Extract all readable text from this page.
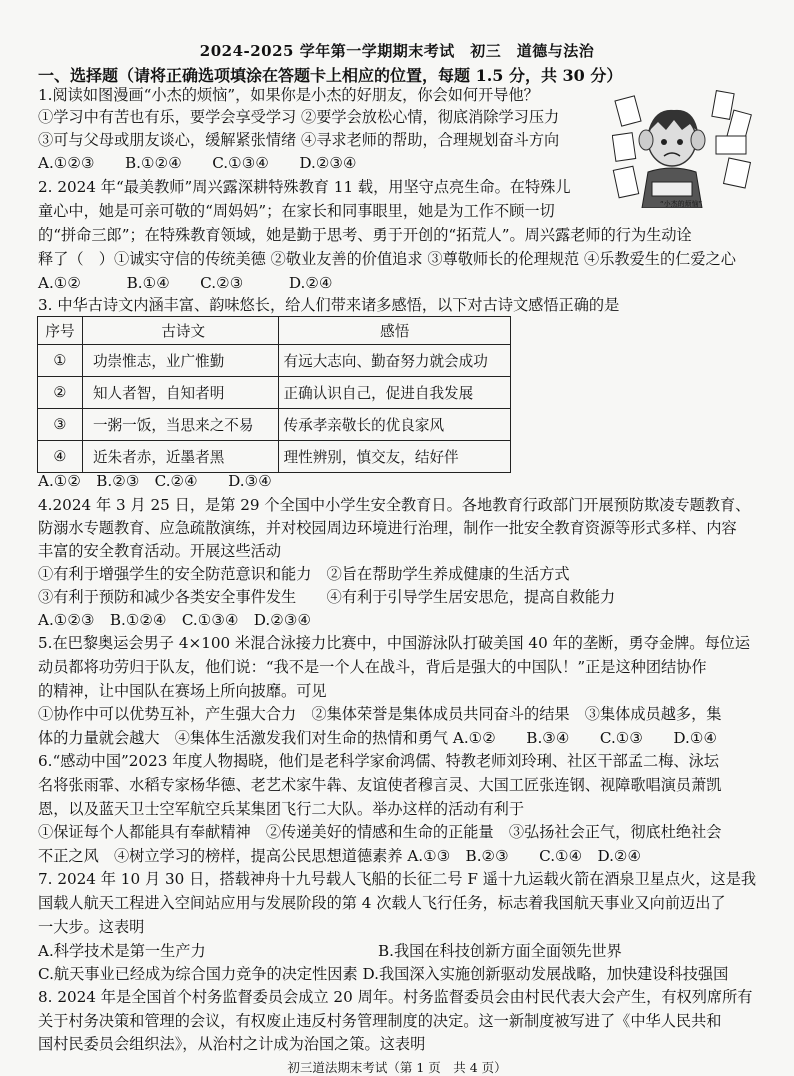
2024-2025 学年第一学期期末考试　初三　道德与法治
一、选择题（请将正确选项填涂在答题卡上相应的位置，每题 1.5 分，共 30 分）
1.阅读如图漫画“小杰的烦恼”，如果你是小杰的好朋友，你会如何开导他？
①学习中有苦也有乐，要学会享受学习 ②要学会放松心情，彻底消除学习压力
③可与父母或朋友谈心，缓解紧张情绪 ④寻求老师的帮助，合理规划奋斗方向
A.①②③　　B.①②④　　C.①③④　　D.②③④
“小杰的烦恼”
2. 2024 年“最美教师”周兴露深耕特殊教育 11 载，用坚守点亮生命。在特殊儿
童心中，她是可亲可敬的“周妈妈”；在家长和同事眼里，她是为工作不顾一切
的“拼命三郎”；在特殊教育领域，她是勤于思考、勇于开创的“拓荒人”。周兴露老师的行为生动诠
释了（　）①诚实守信的传统美德 ②敬业友善的价值追求 ③尊敬师长的伦理规范 ④乐教爱生的仁爱之心
A.①②　　　B.①④　　C.②③　　　D.②④
3. 中华古诗文内涵丰富、韵味悠长，给人们带来诸多感悟，以下对古诗文感悟正确的是
序号	古诗文	感悟
①	功崇惟志，业广惟勤	有远大志向、勤奋努力就会成功
②	知人者智，自知者明	正确认识自己，促进自我发展
③	一粥一饭，当思来之不易	传承孝亲敬长的优良家风
④	近朱者赤，近墨者黑	理性辨别，慎交友，结好伴
A.①②　B.②③　C.②④　　D.③④
4.2024 年 3 月 25 日，是第 29 个全国中小学生安全教育日。各地教育行政部门开展预防欺凌专题教育、
防溺水专题教育、应急疏散演练，并对校园周边环境进行治理，制作一批安全教育资源等形式多样、内容
丰富的安全教育活动。开展这些活动
①有利于增强学生的安全防范意识和能力　②旨在帮助学生养成健康的生活方式
③有利于预防和减少各类安全事件发生　　④有利于引导学生居安思危，提高自救能力
A.①②③　B.①②④　C.①③④　D.②③④
5.在巴黎奥运会男子 4×100 米混合泳接力比赛中，中国游泳队打破美国 40 年的垄断，勇夺金牌。每位运
动员都将功劳归于队友，他们说：“我不是一个人在战斗，背后是强大的中国队！”正是这种团结协作
的精神，让中国队在赛场上所向披靡。可见
①协作中可以优势互补，产生强大合力　②集体荣誉是集体成员共同奋斗的结果　③集体成员越多，集
体的力量就会越大　④集体生活激发我们对生命的热情和勇气 A.①②　　B.③④　　C.①③　　D.①④
6.“感动中国”2023 年度人物揭晓，他们是老科学家俞鸿儒、特教老师刘玲琍、社区干部孟二梅、泳坛
名将张雨霏、水稻专家杨华德、老艺术家牛犇、友谊使者穆言灵、大国工匠张连钢、视障歌唱演员萧凯
恩，以及蓝天卫士空军航空兵某集团飞行二大队。举办这样的活动有利于
①保证每个人都能具有奉献精神　②传递美好的情感和生命的正能量　③弘扬社会正气，彻底杜绝社会
不正之风　④树立学习的榜样，提高公民思想道德素养 A.①③　B.②③　　C.①④　D.②④
7. 2024 年 10 月 30 日，搭载神舟十九号载人飞船的长征二号 F 遥十九运载火箭在酒泉卫星点火，这是我
国载人航天工程进入空间站应用与发展阶段的第 4 次载人飞行任务，标志着我国航天事业又向前迈出了
一大步。这表明
A.科学技术是第一生产力	B.我国在科技创新方面全面领先世界
C.航天事业已经成为综合国力竞争的决定性因素 D.我国深入实施创新驱动发展战略，加快建设科技强国
8. 2024 年是全国首个村务监督委员会成立 20 周年。村务监督委员会由村民代表大会产生，有权列席所有
关于村务决策和管理的会议，有权废止违反村务管理制度的决定。这一新制度被写进了《中华人民共和
国村民委员会组织法》，从治村之计成为治国之策。这表明
初三道法期末考试（第 1 页　共 4 页）
